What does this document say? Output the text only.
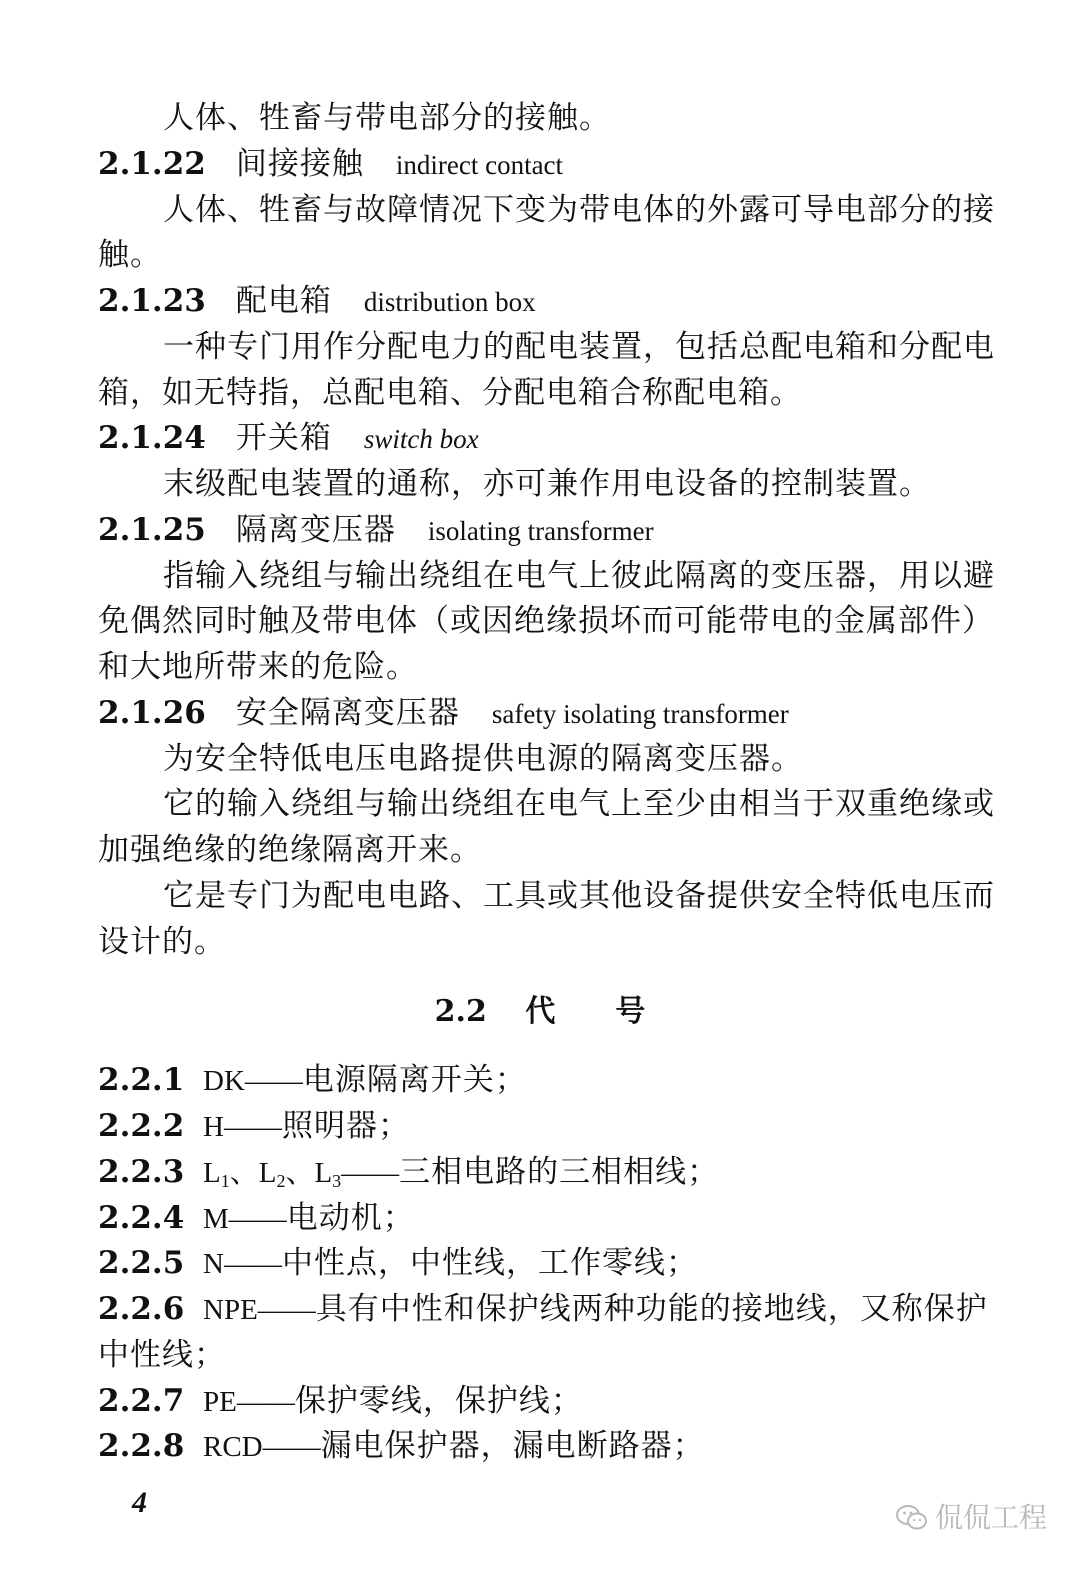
人体、牲畜与带电部分的接触。
2.1.22 间接接触 indirect contact
人体、牲畜与故障情况下变为带电体的外露可导电部分的接
触。
2.1.23 配电箱 distribution box
一种专门用作分配电力的配电装置，包括总配电箱和分配电
箱，如无特指，总配电箱、分配电箱合称配电箱。
2.1.24 开关箱 switch box
末级配电装置的通称，亦可兼作用电设备的控制装置。
2.1.25 隔离变压器 isolating transformer
指输入绕组与输出绕组在电气上彼此隔离的变压器，用以避
免偶然同时触及带电体（或因绝缘损坏而可能带电的金属部件）
和大地所带来的危险。
2.1.26 安全隔离变压器 safety isolating transformer
为安全特低电压电路提供电源的隔离变压器。
它的输入绕组与输出绕组在电气上至少由相当于双重绝缘或
加强绝缘的绝缘隔离开来。
它是专门为配电电路、工具或其他设备提供安全特低电压而
设计的。
2.2 代 号
2.2.1 DK——电源隔离开关；
2.2.2 H——照明器；
2.2.3 $L_1$、$L_2$、$L_3——$三相电路的三相相线；
2.2.4 M——电动机；
2.2.5 N——中性点，中性线，工作零线；
2.2.6 NPE——具有中性和保护线两种功能的接地线，又称保护
中性线；
2.2.7 PE——保护零线，保护线；
2.2.8 RCD——漏电保护器，漏电断路器；
4	侃侃工程
